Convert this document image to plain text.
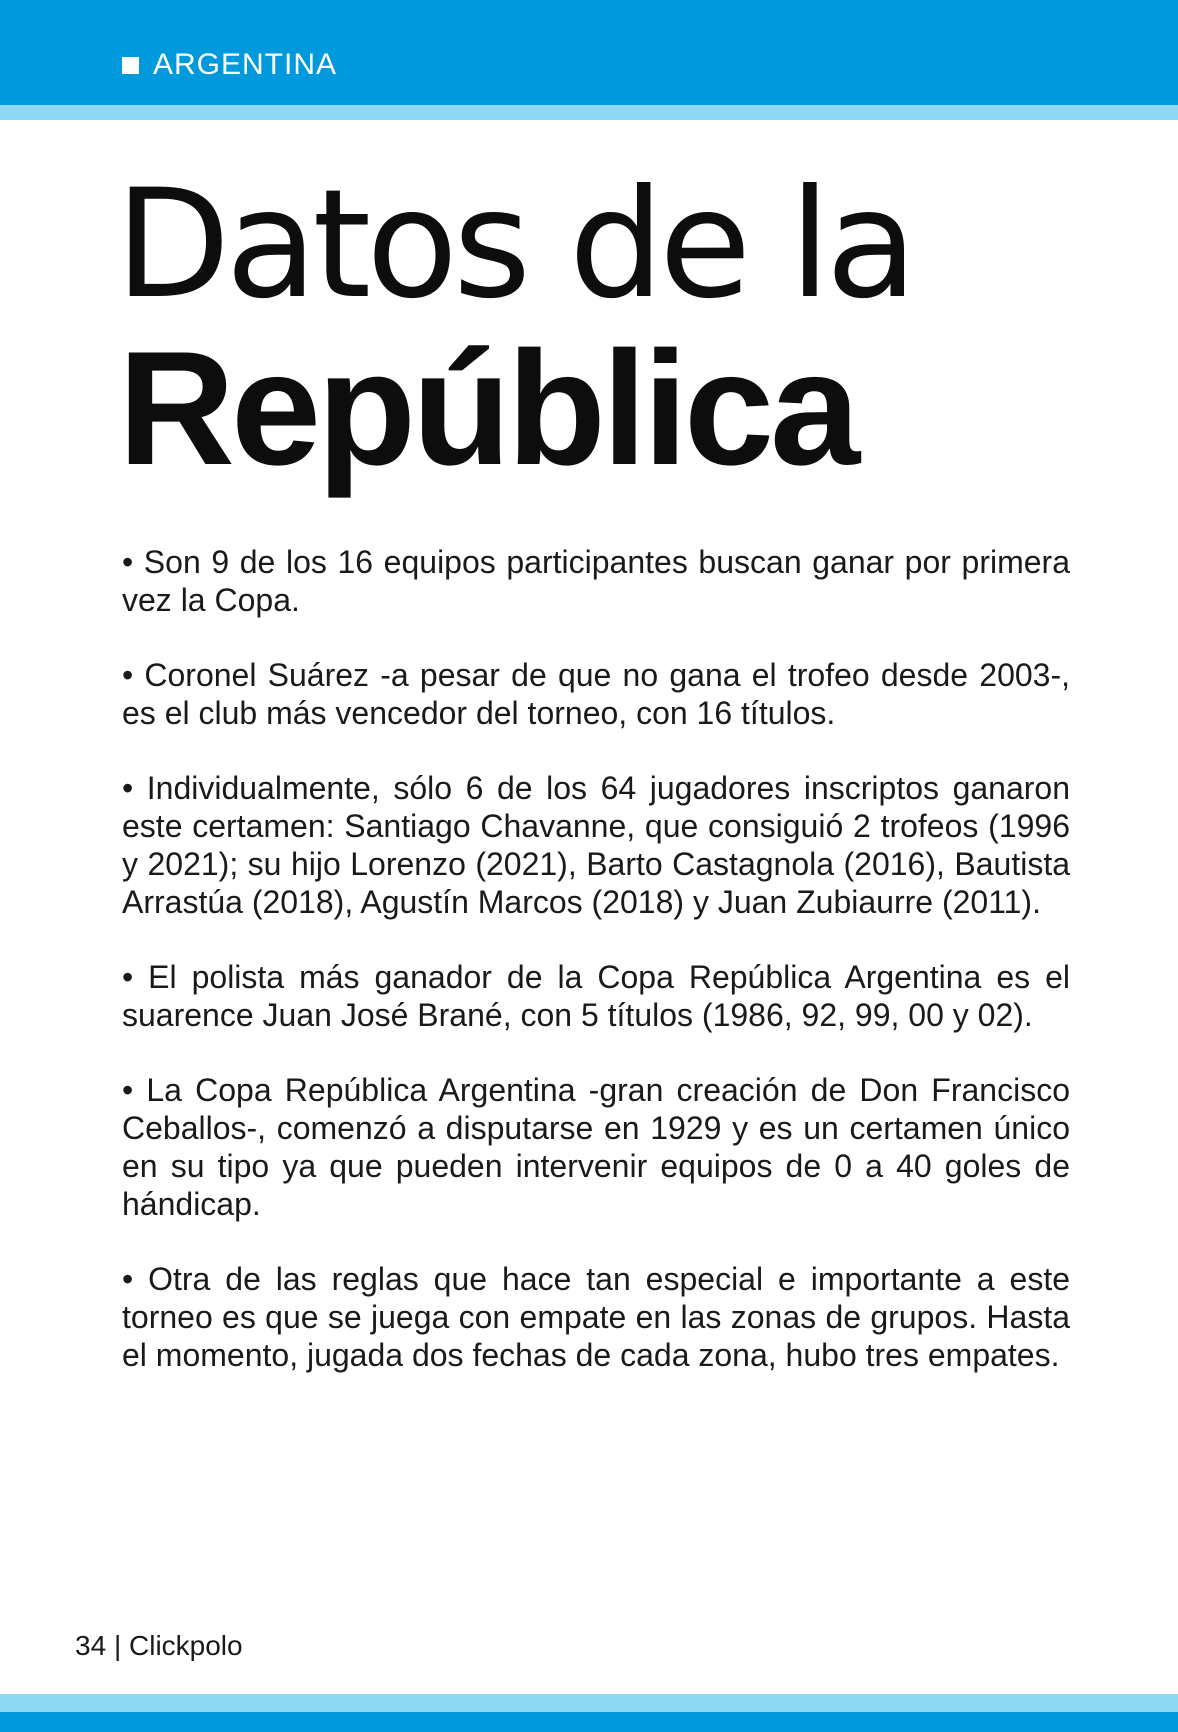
ARGENTINA
Datos de la
República
• Son 9 de los 16 equipos participantes buscan ganar por primera vez la Copa.
• Coronel Suárez -a pesar de que no gana el trofeo desde 2003-, es el club más vencedor del torneo, con 16 títulos.
• Individualmente, sólo 6 de los 64 jugadores inscriptos ganaron este certamen: Santiago Chavanne, que consiguió 2 trofeos (1996 y 2021); su hijo Lorenzo (2021), Barto Castagnola (2016), Bautista Arrastúa (2018), Agustín Marcos (2018) y Juan Zubiaurre (2011).
• El polista más ganador de la Copa República Argentina es el suarence Juan José Brané, con 5 títulos (1986, 92, 99, 00 y 02).
• La Copa República Argentina -gran creación de Don Francisco Ceballos-, comenzó a disputarse en 1929 y es un certamen único en su tipo ya que pueden intervenir equipos de 0 a 40 goles de hándicap.
• Otra de las reglas que hace tan especial e importante a este torneo es que se juega con empate en las zonas de grupos. Hasta el momento, jugada dos fechas de cada zona, hubo tres empates.
34 | Clickpolo
